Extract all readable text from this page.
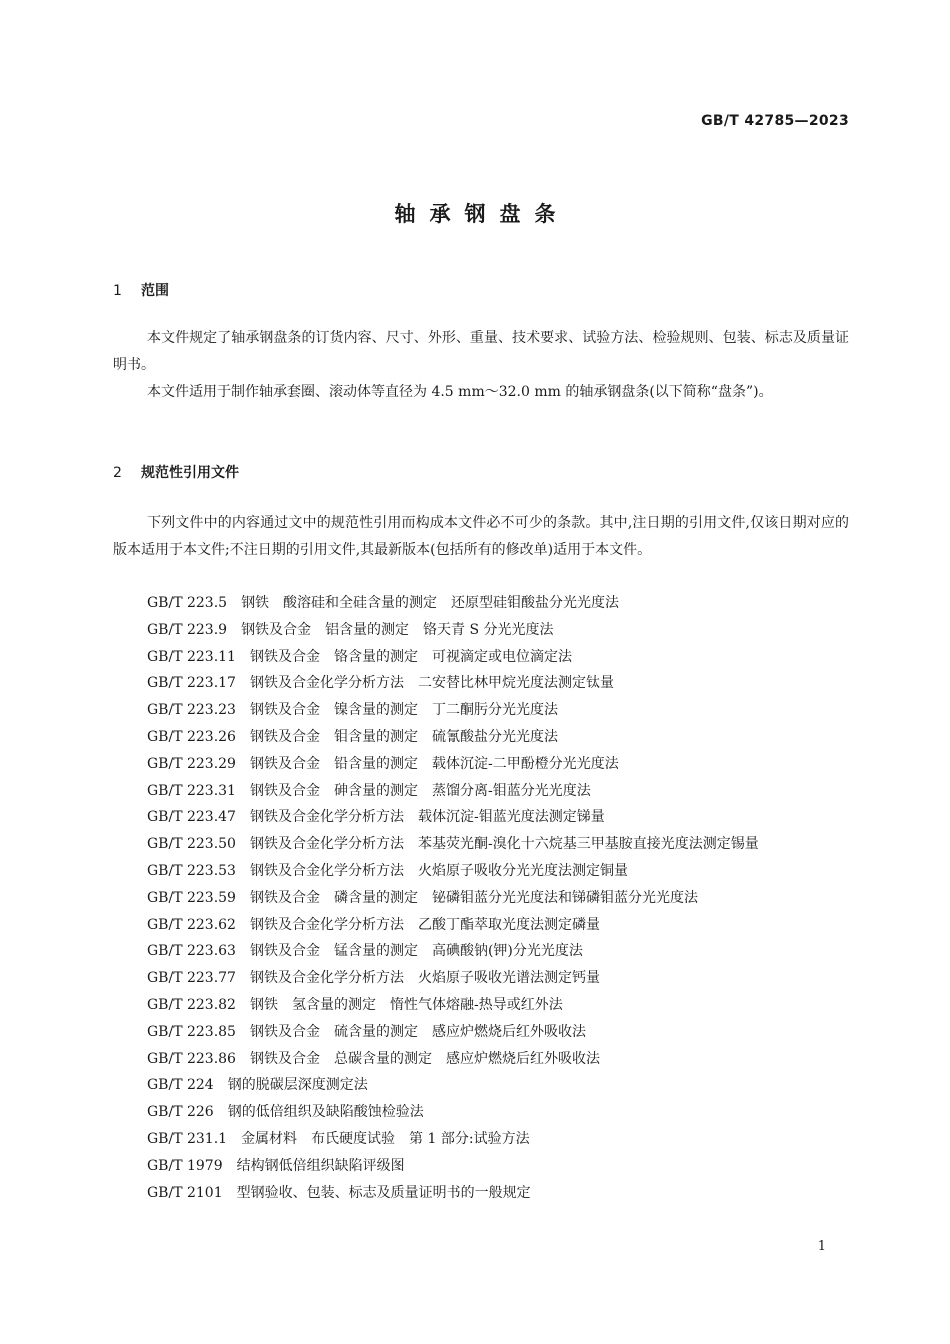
GB/T 42785—2023
轴承钢盘条
1 范围

本文件规定了轴承钢盘条的订货内容、尺寸、外形、重量、技术要求、试验方法、检验规则、包装、标志及质量证明书。

本文件适用于制作轴承套圈、滚动体等直径为 4.5 mm～32.0 mm 的轴承钢盘条(以下简称“盘条”)。

2 规范性引用文件

下列文件中的内容通过文中的规范性引用而构成本文件必不可少的条款。其中,注日期的引用文件,仅该日期对应的版本适用于本文件;不注日期的引用文件,其最新版本(包括所有的修改单)适用于本文件。

GB/T 223.5 钢铁　酸溶硅和全硅含量的测定　还原型硅钼酸盐分光光度法
GB/T 223.9 钢铁及合金　铝含量的测定　铬天青 S 分光光度法
GB/T 223.11 钢铁及合金　铬含量的测定　可视滴定或电位滴定法
GB/T 223.17 钢铁及合金化学分析方法　二安替比林甲烷光度法测定钛量
GB/T 223.23 钢铁及合金　镍含量的测定　丁二酮肟分光光度法
GB/T 223.26 钢铁及合金　钼含量的测定　硫氰酸盐分光光度法
GB/T 223.29 钢铁及合金　铅含量的测定　载体沉淀-二甲酚橙分光光度法
GB/T 223.31 钢铁及合金　砷含量的测定　蒸馏分离-钼蓝分光光度法
GB/T 223.47 钢铁及合金化学分析方法　载体沉淀-钼蓝光度法测定锑量
GB/T 223.50 钢铁及合金化学分析方法　苯基荧光酮-溴化十六烷基三甲基胺直接光度法测定锡量
GB/T 223.53 钢铁及合金化学分析方法　火焰原子吸收分光光度法测定铜量
GB/T 223.59 钢铁及合金　磷含量的测定　铋磷钼蓝分光光度法和锑磷钼蓝分光光度法
GB/T 223.62 钢铁及合金化学分析方法　乙酸丁酯萃取光度法测定磷量
GB/T 223.63 钢铁及合金　锰含量的测定　高碘酸钠(钾)分光光度法
GB/T 223.77 钢铁及合金化学分析方法　火焰原子吸收光谱法测定钙量
GB/T 223.82 钢铁　氢含量的测定　惰性气体熔融-热导或红外法
GB/T 223.85 钢铁及合金　硫含量的测定　感应炉燃烧后红外吸收法
GB/T 223.86 钢铁及合金　总碳含量的测定　感应炉燃烧后红外吸收法
GB/T 224 钢的脱碳层深度测定法
GB/T 226 钢的低倍组织及缺陷酸蚀检验法
GB/T 231.1 金属材料　布氏硬度试验　第 1 部分:试验方法
GB/T 1979 结构钢低倍组织缺陷评级图
GB/T 2101 型钢验收、包装、标志及质量证明书的一般规定
1
